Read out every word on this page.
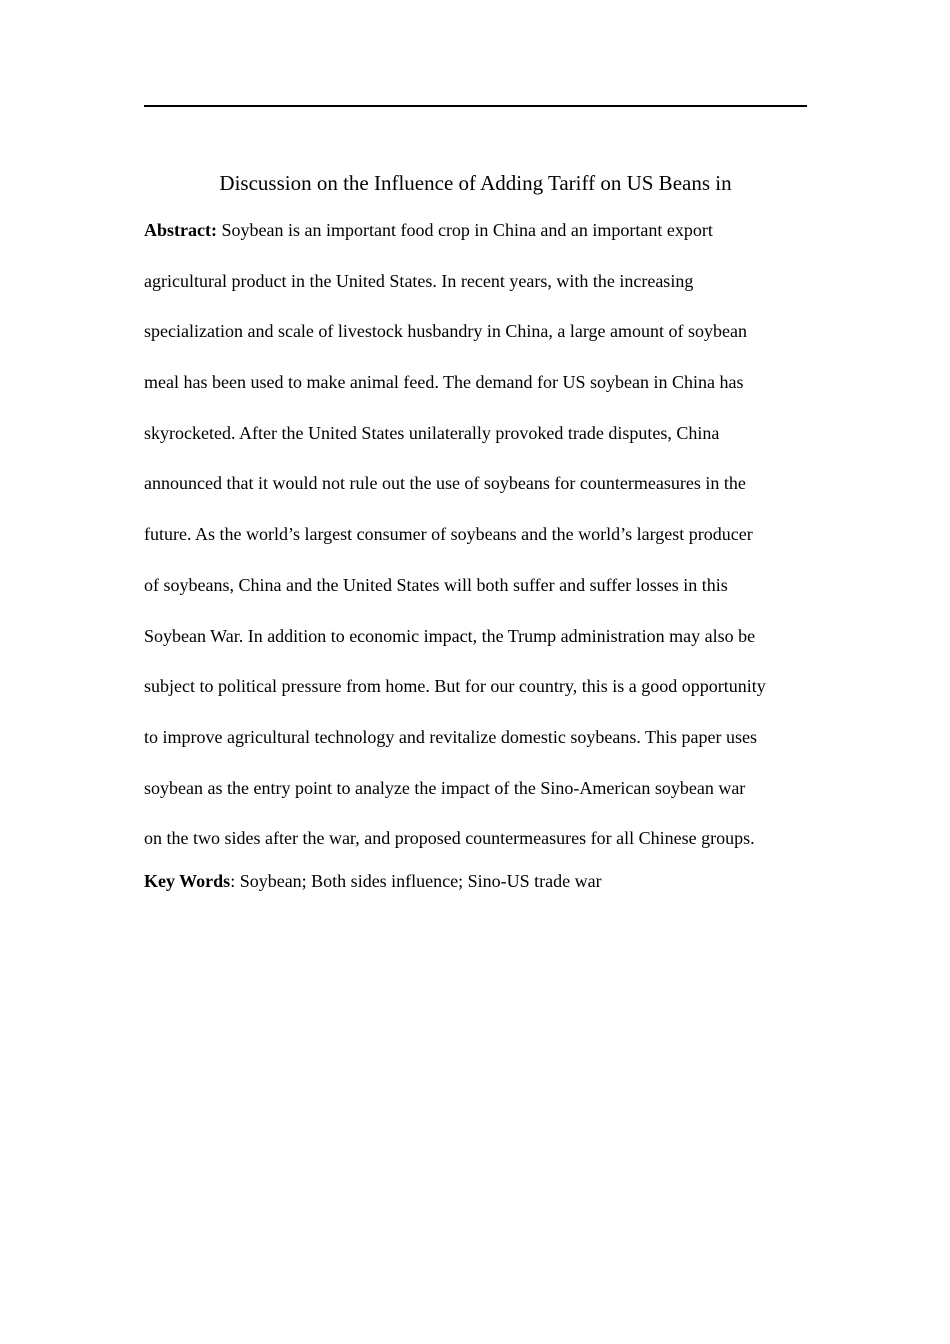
Discussion on the Influence of Adding Tariff on US Beans in
Abstract: Soybean is an important food crop in China and an important export
agricultural product in the United States. In recent years, with the increasing
specialization and scale of livestock husbandry in China, a large amount of soybean
meal has been used to make animal feed. The demand for US soybean in China has
skyrocketed. After the United States unilaterally provoked trade disputes, China
announced that it would not rule out the use of soybeans for countermeasures in the
future. As the world’s largest consumer of soybeans and the world’s largest producer
of soybeans, China and the United States will both suffer and suffer losses in this
Soybean War. In addition to economic impact, the Trump administration may also be
subject to political pressure from home. But for our country, this is a good opportunity
to improve agricultural technology and revitalize domestic soybeans. This paper uses
soybean as the entry point to analyze the impact of the Sino-American soybean war
on the two sides after the war, and proposed countermeasures for all Chinese groups.
Key Words: Soybean; Both sides influence; Sino-US trade war
